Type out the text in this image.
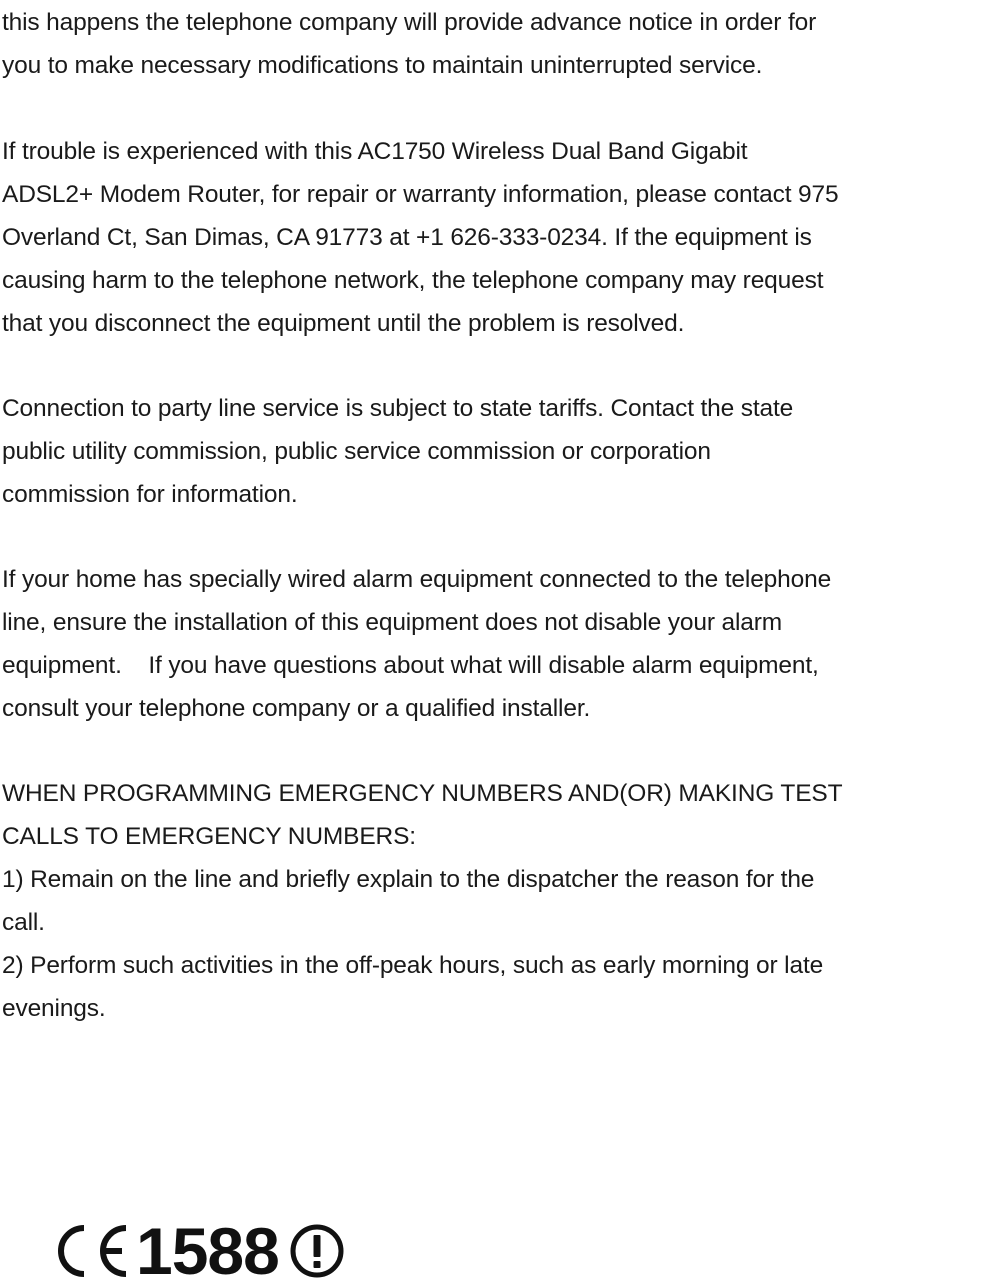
this happens the telephone company will provide advance notice in order for
you to make necessary modifications to maintain uninterrupted service.
If trouble is experienced with this AC1750 Wireless Dual Band Gigabit
ADSL2+ Modem Router, for repair or warranty information, please contact 975
Overland Ct, San Dimas, CA 91773 at +1 626-333-0234. If the equipment is
causing harm to the telephone network, the telephone company may request
that you disconnect the equipment until the problem is resolved.
Connection to party line service is subject to state tariffs. Contact the state
public utility commission, public service commission or corporation
commission for information.
If your home has specially wired alarm equipment connected to the telephone
line, ensure the installation of this equipment does not disable your alarm
equipment.    If you have questions about what will disable alarm equipment,
consult your telephone company or a qualified installer.
WHEN PROGRAMMING EMERGENCY NUMBERS AND(OR) MAKING TEST
CALLS TO EMERGENCY NUMBERS:
1) Remain on the line and briefly explain to the dispatcher the reason for the
call.
2) Perform such activities in the off-peak hours, such as early morning or late
evenings.
1588
